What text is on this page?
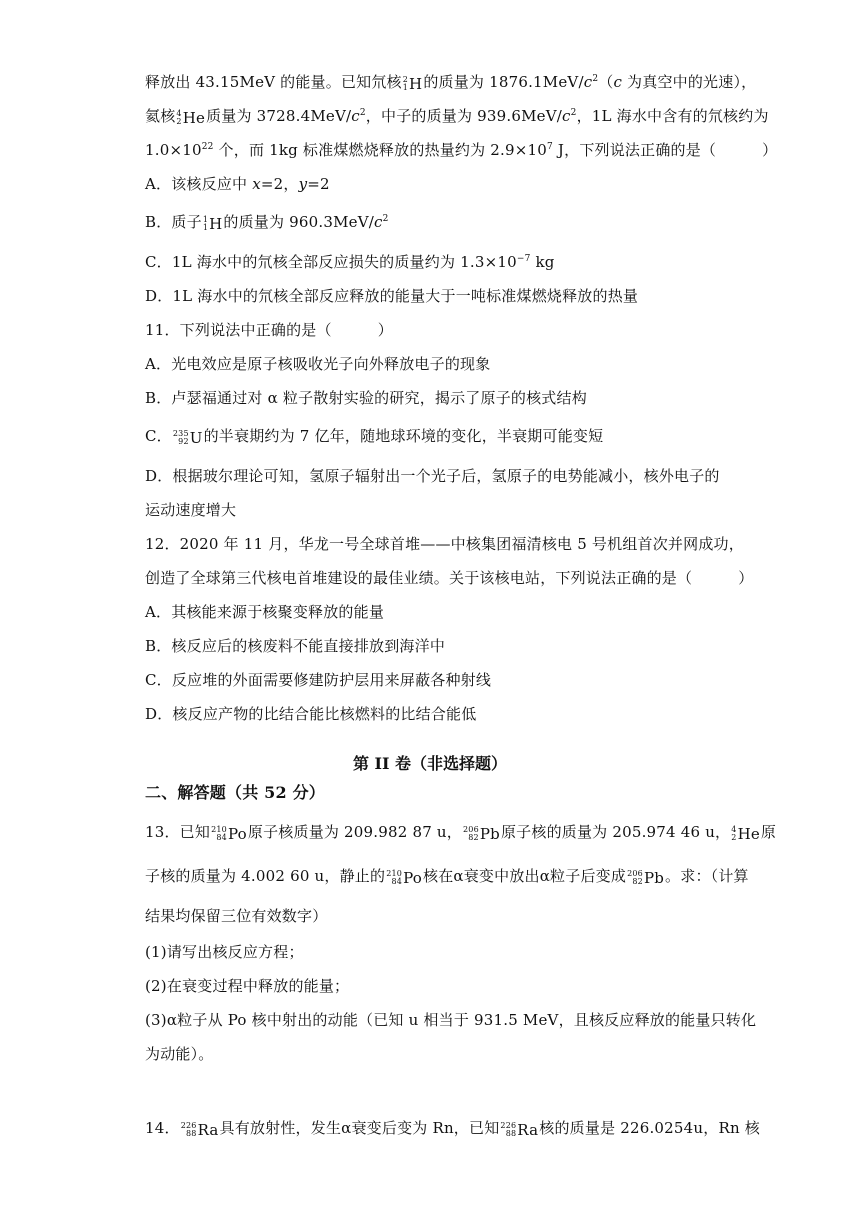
释放出 43.15MeV 的能量。已知氘核 2
1 H的质量为 $1876.1MeV/c^2(c$ 为真空中的光速），
氦核 4
2 He质量为 $3728.4MeV/c^2$，中子的质量为 $939.6MeV/c^2$，1L 海水中含有的氘核约为
$1.0\times 10^{22}$ 个，而 1kg 标准煤燃烧释放的热量约为 $2.9\times 10^7$ J，下列说法正确的是（	）
A．该核反应中 x=2，y=2
B．质子 1
1 H的质量为 $960.3MeV/c^2$
C．1L 海水中的氘核全部反应损失的质量约为 $1.3\times 10^{-7}$ kg
D．1L 海水中的氘核全部反应释放的能量大于一吨标准煤燃烧释放的热量
11．下列说法中正确的是（	）
A．光电效应是原子核吸收光子向外释放电子的现象
B．卢瑟福通过对 α 粒子散射实验的研究，揭示了原子的核式结构
C． 235
92 U的半衰期约为 7 亿年，随地球环境的变化，半衰期可能变短
D．根据玻尔理论可知，氢原子辐射出一个光子后，氢原子的电势能减小，核外电子的
运动速度增大
12．2020 年 11 月，华龙一号全球首堆——中核集团福清核电 5 号机组首次并网成功，
创造了全球第三代核电首堆建设的最佳业绩。关于该核电站，下列说法正确的是（	）
A．其核能来源于核聚变释放的能量
B．核反应后的核废料不能直接排放到海洋中
C．反应堆的外面需要修建防护层用来屏蔽各种射线
D．核反应产物的比结合能比核燃料的比结合能低
第 II 卷（非选择题）
二、解答题（共 52 分）
13．已知 210
84 Po原子核质量为 209.982 87 u， 206
82 Pb原子核的质量为 205.974 46 u， 4
2 He原
子核的质量为 4.002 60 u，静止的 210
84 Po核在α衰变中放出α粒子后变成 206
82 Pb。求：（计算
结果均保留三位有效数字）
(1)请写出核反应方程；
(2)在衰变过程中释放的能量；
(3)α粒子从 Po 核中射出的动能（已知 u 相当于 931.5 MeV，且核反应释放的能量只转化
为动能）。
14． 226
88 Ra具有放射性，发生α衰变后变为 Rn，已知 226
88 Ra核的质量是 226.0254u，Rn 核
